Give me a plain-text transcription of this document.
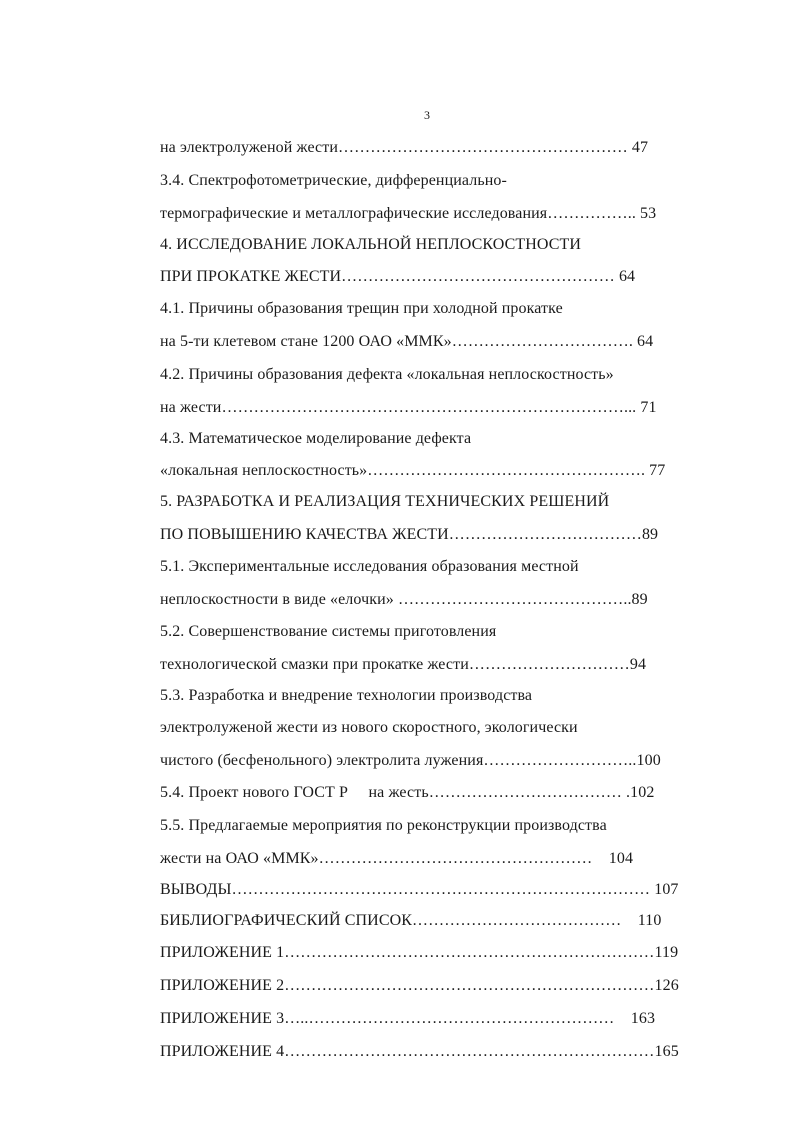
3
на электролуженой жести……………………………………………… 47
3.4. Спектрофотометрические, дифференциально-
термографические и металлографические исследования…………….. 53
4. ИССЛЕДОВАНИЕ ЛОКАЛЬНОЙ НЕПЛОСКОСТНОСТИ
ПРИ ПРОКАТКЕ ЖЕСТИ…………………………………………… 64
4.1. Причины образования трещин при холодной прокатке
на 5-ти клетевом стане 1200 ОАО «ММК»……………………………. 64
4.2. Причины образования дефекта «локальная неплоскостность»
на жести…………………………………………………………………... 71
4.3. Математическое моделирование дефекта
«локальная неплоскостность»……………………………………………. 77
5. РАЗРАБОТКА И РЕАЛИЗАЦИЯ ТЕХНИЧЕСКИХ РЕШЕНИЙ
ПО ПОВЫШЕНИЮ КАЧЕСТВА ЖЕСТИ………………………………89
5.1. Экспериментальные исследования образования местной
неплоскостности в виде «елочки» ……………………………………..89
5.2. Совершенствование системы приготовления
технологической смазки при прокатке жести…………………………94
5.3. Разработка и внедрение технологии производства
электролуженой жести из нового скоростного, экологически
чистого (бесфенольного) электролита лужения………………………..100
5.4. Проект нового ГОСТ Р     на жесть……………………………… .102
5.5. Предлагаемые мероприятия по реконструкции производства
жести на ОАО «ММК»……………………………………………    104
ВЫВОДЫ…………………………………………………………………… 107
БИБЛИОГРАФИЧЕСКИЙ СПИСОК…………………………………    110
ПРИЛОЖЕНИЕ 1……………………………………………………………119
ПРИЛОЖЕНИЕ 2……………………………………………………………126
ПРИЛОЖЕНИЕ 3…..…………………………………………………    163
ПРИЛОЖЕНИЕ 4……………………………………………………………165
